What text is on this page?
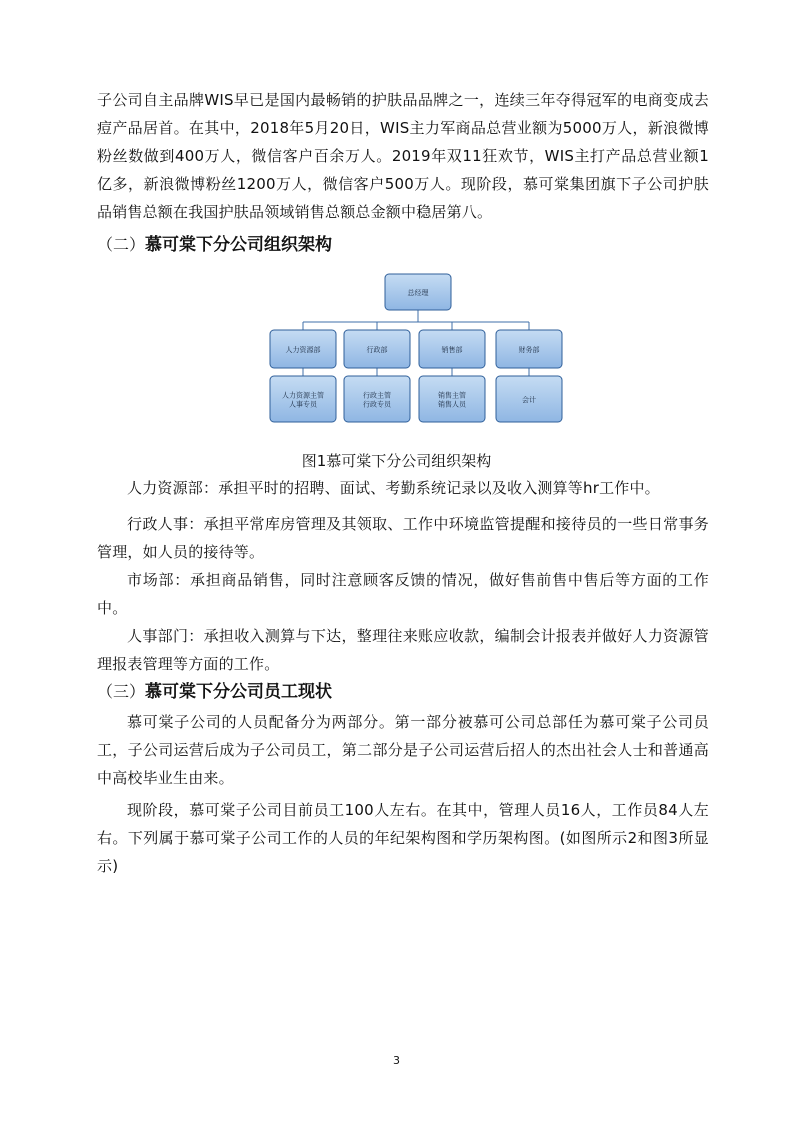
子公司自主品牌WIS早已是国内最畅销的护肤品品牌之一，连续三年夺得冠军的电商变成去痘产品居首。在其中，2018年5月20日，WIS主力军商品总营业额为5000万人，新浪微博粉丝数做到400万人，微信客户百余万人。2019年双11狂欢节，WIS主打产品总营业额1亿多，新浪微博粉丝1200万人，微信客户500万人。现阶段，慕可棠集团旗下子公司护肤品销售总额在我国护肤品领域销售总额总金额中稳居第八。

（二）慕可棠下分公司组织架构
总经理
人力资源部	行政部	销售部	财务部
人力资源主管
人事专员
行政主管
行政专员
销售主管
销售人员
会计

图1慕可棠下分公司组织架构

人力资源部：承担平时的招聘、面试、考勤系统记录以及收入测算等hr工作中。

行政人事：承担平常库房管理及其领取、工作中环境监管提醒和接待员的一些日常事务管理，如人员的接待等。

市场部：承担商品销售，同时注意顾客反馈的情况，做好售前售中售后等方面的工作中。

人事部门：承担收入测算与下达，整理往来账应收款，编制会计报表并做好人力资源管理报表管理等方面的工作。

（三）慕可棠下分公司员工现状

慕可棠子公司的人员配备分为两部分。第一部分被慕可公司总部任为慕可棠子公司员工，子公司运营后成为子公司员工，第二部分是子公司运营后招人的杰出社会人士和普通高中高校毕业生由来。

现阶段，慕可棠子公司目前员工100人左右。在其中，管理人员16人，工作员84人左右。下列属于慕可棠子公司工作的人员的年纪架构图和学历架构图。(如图所示2和图3所显示)

3
